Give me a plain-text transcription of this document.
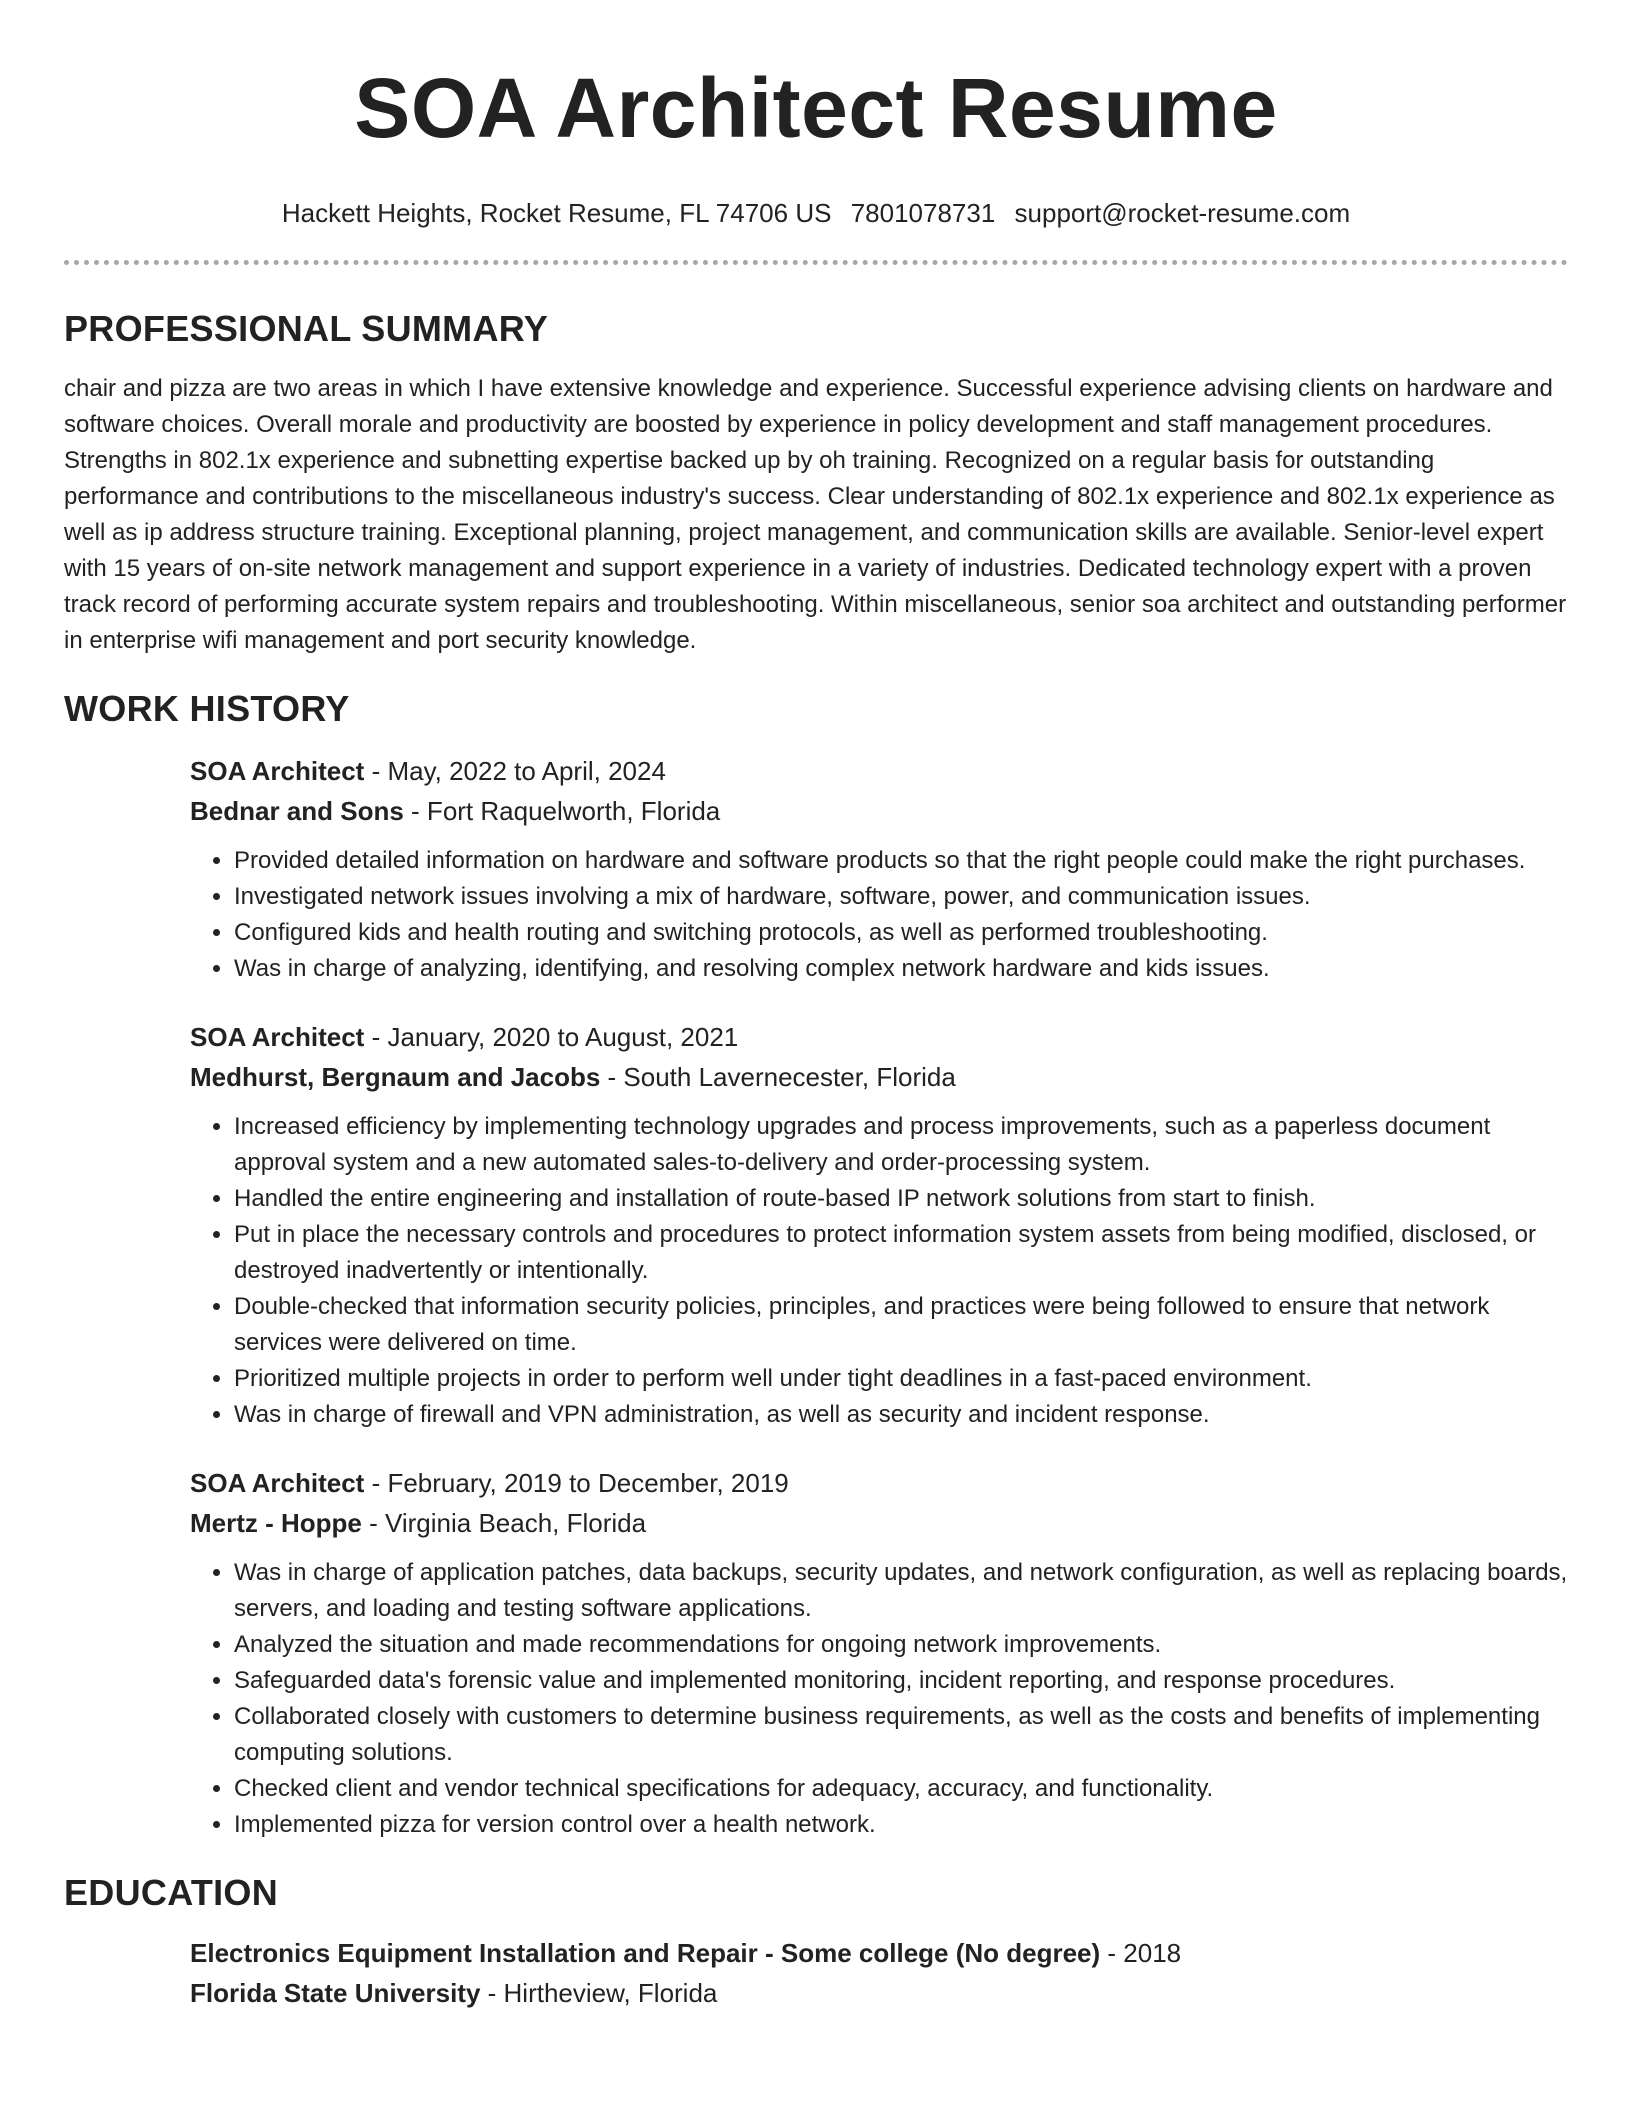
SOA Architect Resume
Hackett Heights, Rocket Resume, FL 74706 US 7801078731 support@rocket-resume.com
PROFESSIONAL SUMMARY

chair and pizza are two areas in which I have extensive knowledge and experience. Successful experience advising clients on hardware and software choices. Overall morale and productivity are boosted by experience in policy development and staff management procedures. Strengths in 802.1x experience and subnetting expertise backed up by oh training. Recognized on a regular basis for outstanding performance and contributions to the miscellaneous industry's success. Clear understanding of 802.1x experience and 802.1x experience as well as ip address structure training. Exceptional planning, project management, and communication skills are available. Senior-level expert with 15 years of on-site network management and support experience in a variety of industries. Dedicated technology expert with a proven track record of performing accurate system repairs and troubleshooting. Within miscellaneous, senior soa architect and outstanding performer in enterprise wifi management and port security knowledge.

WORK HISTORY
SOA Architect - May, 2022 to April, 2024
Bednar and Sons - Fort Raquelworth, Florida
• Provided detailed information on hardware and software products so that the right people could make the right purchases.
• Investigated network issues involving a mix of hardware, software, power, and communication issues.
• Configured kids and health routing and switching protocols, as well as performed troubleshooting.
• Was in charge of analyzing, identifying, and resolving complex network hardware and kids issues.
SOA Architect - January, 2020 to August, 2021
Medhurst, Bergnaum and Jacobs - South Lavernecester, Florida
• Increased efficiency by implementing technology upgrades and process improvements, such as a paperless document approval system and a new automated sales-to-delivery and order-processing system.
• Handled the entire engineering and installation of route-based IP network solutions from start to finish.
• Put in place the necessary controls and procedures to protect information system assets from being modified, disclosed, or destroyed inadvertently or intentionally.
• Double-checked that information security policies, principles, and practices were being followed to ensure that network services were delivered on time.
• Prioritized multiple projects in order to perform well under tight deadlines in a fast-paced environment.
• Was in charge of firewall and VPN administration, as well as security and incident response.
SOA Architect - February, 2019 to December, 2019
Mertz - Hoppe - Virginia Beach, Florida
• Was in charge of application patches, data backups, security updates, and network configuration, as well as replacing boards, servers, and loading and testing software applications.
• Analyzed the situation and made recommendations for ongoing network improvements.
• Safeguarded data's forensic value and implemented monitoring, incident reporting, and response procedures.
• Collaborated closely with customers to determine business requirements, as well as the costs and benefits of implementing computing solutions.
• Checked client and vendor technical specifications for adequacy, accuracy, and functionality.
• Implemented pizza for version control over a health network.
EDUCATION
Electronics Equipment Installation and Repair - Some college (No degree) - 2018
Florida State University - Hirtheview, Florida
